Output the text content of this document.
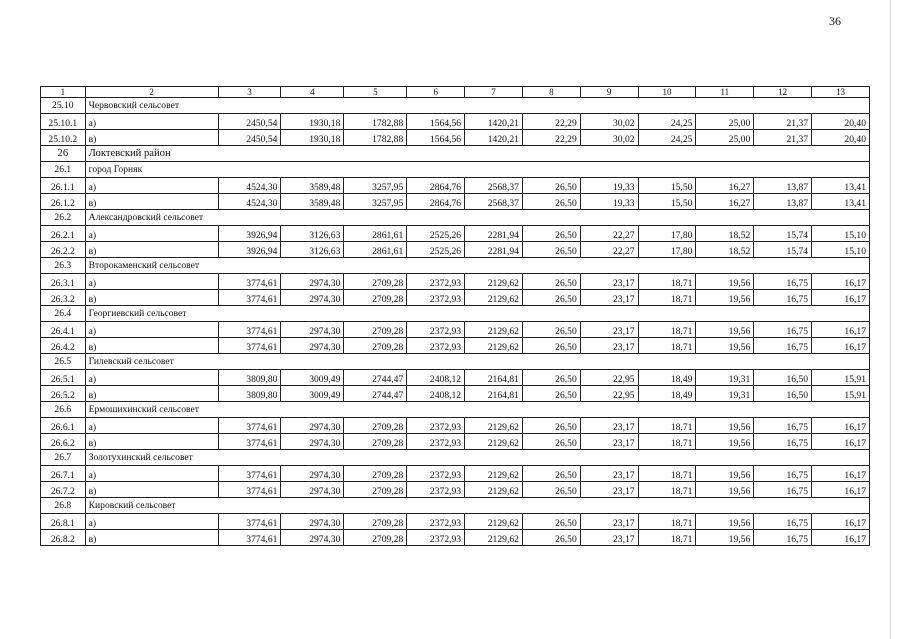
36
1	2	3	4	5	6	7	8	9	10	11	12	13
25.10	Червовский сельсовет											
25.10.1	а)	2450,54	1930,18	1782,88	1564,56	1420,21	22,29	30,02	24,25	25,00	21,37	20,40
25.10.2	в)	2450,54	1930,18	1782,88	1564,56	1420,21	22,29	30,02	24,25	25,00	21,37	20,40
26	Локтевский район											
26.1	город Горняк											
26.1.1	а)	4524,30	3589,48	3257,95	2864,76	2568,37	26,50	19,33	15,50	16,27	13,87	13,41
26.1.2	в)	4524,30	3589,48	3257,95	2864,76	2568,37	26,50	19,33	15,50	16,27	13,87	13,41
26.2	Александровский сельсовет											
26.2.1	а)	3926,94	3126,63	2861,61	2525,26	2281,94	26,50	22,27	17,80	18,52	15,74	15,10
26.2.2	в)	3926,94	3126,63	2861,61	2525,26	2281,94	26,50	22,27	17,80	18,52	15,74	15,10
26.3	Второкаменский сельсовет											
26.3.1	а)	3774,61	2974,30	2709,28	2372,93	2129,62	26,50	23,17	18,71	19,56	16,75	16,17
26.3.2	в)	3774,61	2974,30	2709,28	2372,93	2129,62	26,50	23,17	18,71	19,56	16,75	16,17
26.4	Георгиевский сельсовет											
26.4.1	а)	3774,61	2974,30	2709,28	2372,93	2129,62	26,50	23,17	18,71	19,56	16,75	16,17
26.4.2	в)	3774,61	2974,30	2709,28	2372,93	2129,62	26,50	23,17	18,71	19,56	16,75	16,17
26.5	Гилевский сельсовет											
26.5.1	а)	3809,80	3009,49	2744,47	2408,12	2164,81	26,50	22,95	18,49	19,31	16,50	15,91
26.5.2	в)	3809,80	3009,49	2744,47	2408,12	2164,81	26,50	22,95	18,49	19,31	16,50	15,91
26.6	Ермошихинский сельсовет											
26.6.1	а)	3774,61	2974,30	2709,28	2372,93	2129,62	26,50	23,17	18,71	19,56	16,75	16,17
26.6.2	в)	3774,61	2974,30	2709,28	2372,93	2129,62	26,50	23,17	18,71	19,56	16,75	16,17
26.7	Золотухинский сельсовет											
26.7.1	а)	3774,61	2974,30	2709,28	2372,93	2129,62	26,50	23,17	18,71	19,56	16,75	16,17
26.7.2	в)	3774,61	2974,30	2709,28	2372,93	2129,62	26,50	23,17	18,71	19,56	16,75	16,17
26.8	Кировский сельсовет											
26.8.1	а)	3774,61	2974,30	2709,28	2372,93	2129,62	26,50	23,17	18,71	19,56	16,75	16,17
26.8.2	в)	3774,61	2974,30	2709,28	2372,93	2129,62	26,50	23,17	18,71	19,56	16,75	16,17
